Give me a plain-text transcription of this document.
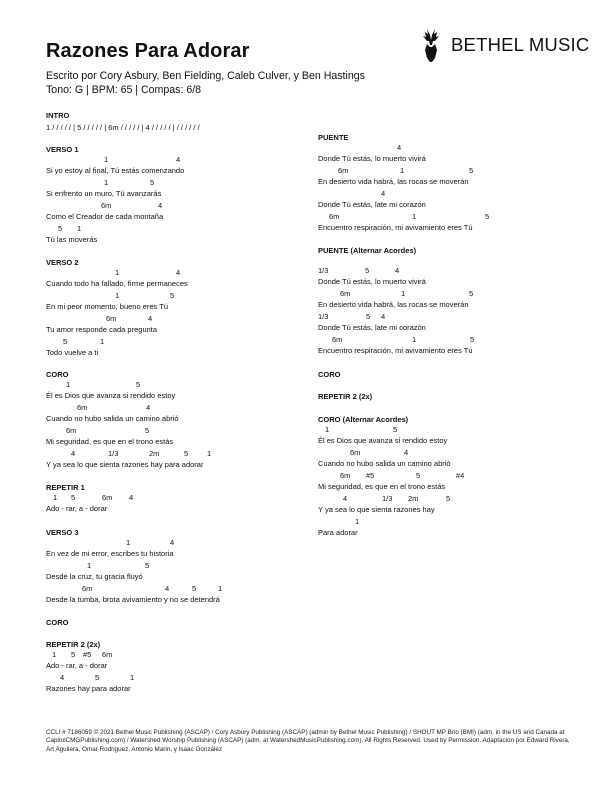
Razones Para Adorar
Escrito por Cory Asbury, Ben Fielding, Caleb Culver, y Ben Hastings
Tono: G | BPM: 65 | Compas: 6/8
BETHEL MUSIC
INTRO
1 / / / / / | 5 / / / / / | 6m / / / / / | 4 / / / / / | / / / / / /
VERSO 1
1	4
Si yo estoy al final, Tú estás comenzando
1	5
Si enfrento un muro, Tú avanzarás
6m	4
Como el Creador de cada montaña
5 1
Tú las moverás
VERSO 2
1	4
Cuando todo ha fallado, firme permaneces
1	5
En mi peor momento, bueno eres Tú
6m	4
Tu amor responde cada pregunta
5	1
Todo vuelve a ti
CORO
1	5
Él es Dios que avanza si rendido estoy
6m	4
Cuando no hubo salida un camino abrió
6m	5
Mi seguridad, es que en el trono estás
4	1/3	2m	5	1
Y ya sea lo que sienta razones hay para adorar
REPETIR 1
1 5	6m 4
Ado - rar, a - dorar
VERSO 3
1	4
En vez de mi error, escribes tu historia
1	5
Desde la cruz, tu gracia fluyó
6m	4	5	1
Desde la tumba, brota avivamiento y no se detendrá
CORO
REPETIR 2 (2x)
1 5 #5 6m
Ado - rar, a - dorar
4	5	1
Razones hay para adorar
PUENTE
4
Donde Tú estás, lo muerto vivirá
6m	1	5
En desierto vida habrá, las rocas se moverán
4
Donde Tú estás, late mi corazón
6m	1	5
Encuentro respiración, mi avivamiento eres Tú
PUENTE (Alternar Acordes)
1/3	5	4
Donde Tú estás, lo muerto vivirá
6m	1	5
En desierto vida habrá, las rocas se moverán
1/3	5 4
Donde Tú estás, late mi corazón
6m	1	5
Encuentro respiración, mi avivamiento eres Tú
CORO
REPETIR 2 (2x)
CORO (Alternar Acordes)
1	5
Él es Dios que avanza si rendido estoy
6m	4
Cuando no hubo salida un camino abrió
6m #5	5	#4
Mi seguridad, es que en el trono estás
4	1/3 2m	5
Y ya sea lo que sienta razones hay
1
Para adorar
CCLI # 7186059 © 2021 Bethel Music Publishing (ASCAP) / Cory Asbury Publishing (ASCAP) (admin by Bethel Music Publishing) / SHOUT MP Brio (BMI) (adm. in the US and Canada at CapitolCMGPublishing.com) / Watershed Worship Publishing (ASCAP) (adm. at WatershedMusicPublishing.com). All Rights Reserved. Used by Permission. Adaptación por Edward Rivera, Art Aguilera, Omar Rodriguez, Antonio Marin, y Isaac González
